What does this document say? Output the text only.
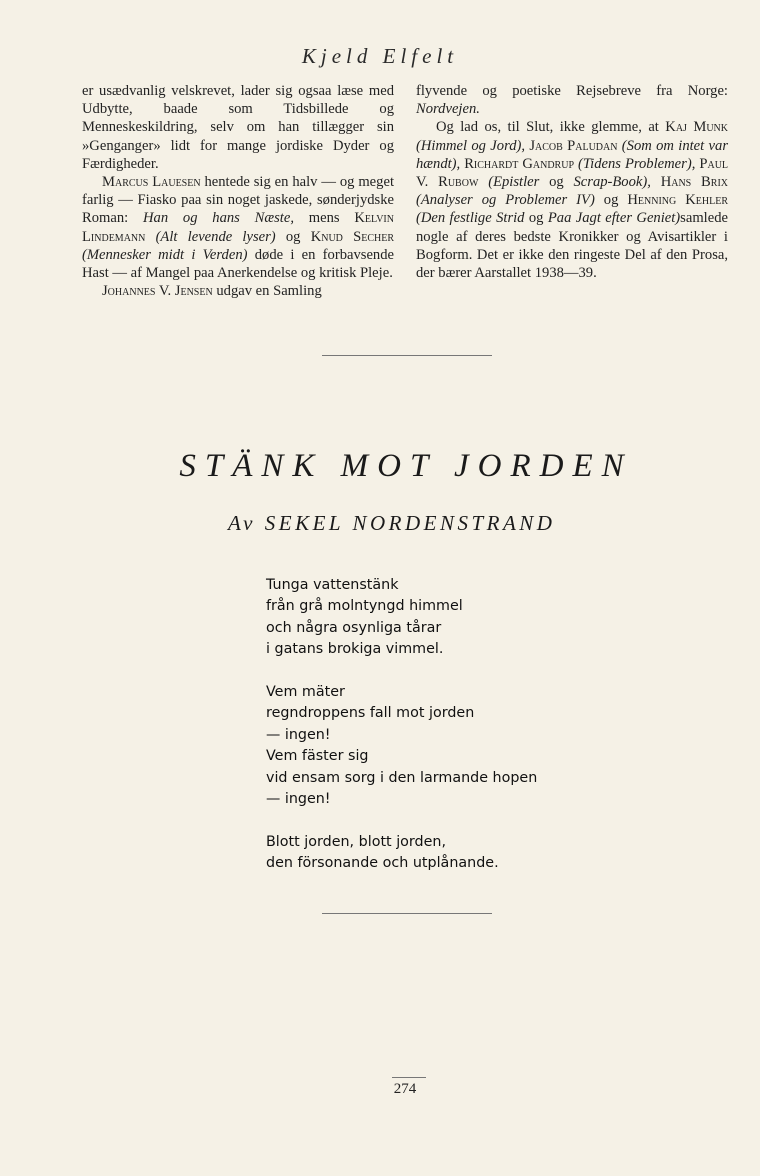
Kjeld Elfelt

er usædvanlig velskrevet, lader sig ogsaa læse med Udbytte, baade som Tidsbillede og Menneskeskildring, selv om han tillægger sin »Genganger» lidt for mange jordiske Dyder og Færdigheder.

Marcus Lauesen hentede sig en halv — og meget farlig — Fiasko paa sin noget jaskede, sønderjydske Roman: Han og hans Næste, mens Kelvin Lindemann (Alt levende lyser) og Knud Secher (Mennesker midt i Verden) døde i en forbavsende Hast — af Mangel paa Anerkendelse og kritisk Pleje.

Johannes V. Jensen udgav en Samling

flyvende og poetiske Rejsebreve fra Norge: Nordvejen.

Og lad os, til Slut, ikke glemme, at Kaj Munk (Himmel og Jord), Jacob Paludan (Som om intet var hændt), Richardt Gandrup (Tidens Problemer), Paul V. Rubow (Epistler og Scrap-Book), Hans Brix (Analyser og Problemer IV) og Henning Kehler (Den festlige Strid og Paa Jagt efter Geniet)samlede nogle af deres bedste Kronikker og Avisartikler i Bogform. Det er ikke den ringeste Del af den Prosa, der bærer Aarstallet 1938—39.

STÄNK MOT JORDEN
Av SEKEL NORDENSTRAND
Tunga vattenstänk
från grå molntyngd himmel
och några osynliga tårar
i gatans brokiga vimmel.
Vem mäter
regndroppens fall mot jorden
— ingen!
Vem fäster sig
vid ensam sorg i den larmande hopen
— ingen!
Blott jorden, blott jorden,
den försonande och utplånande.
274
